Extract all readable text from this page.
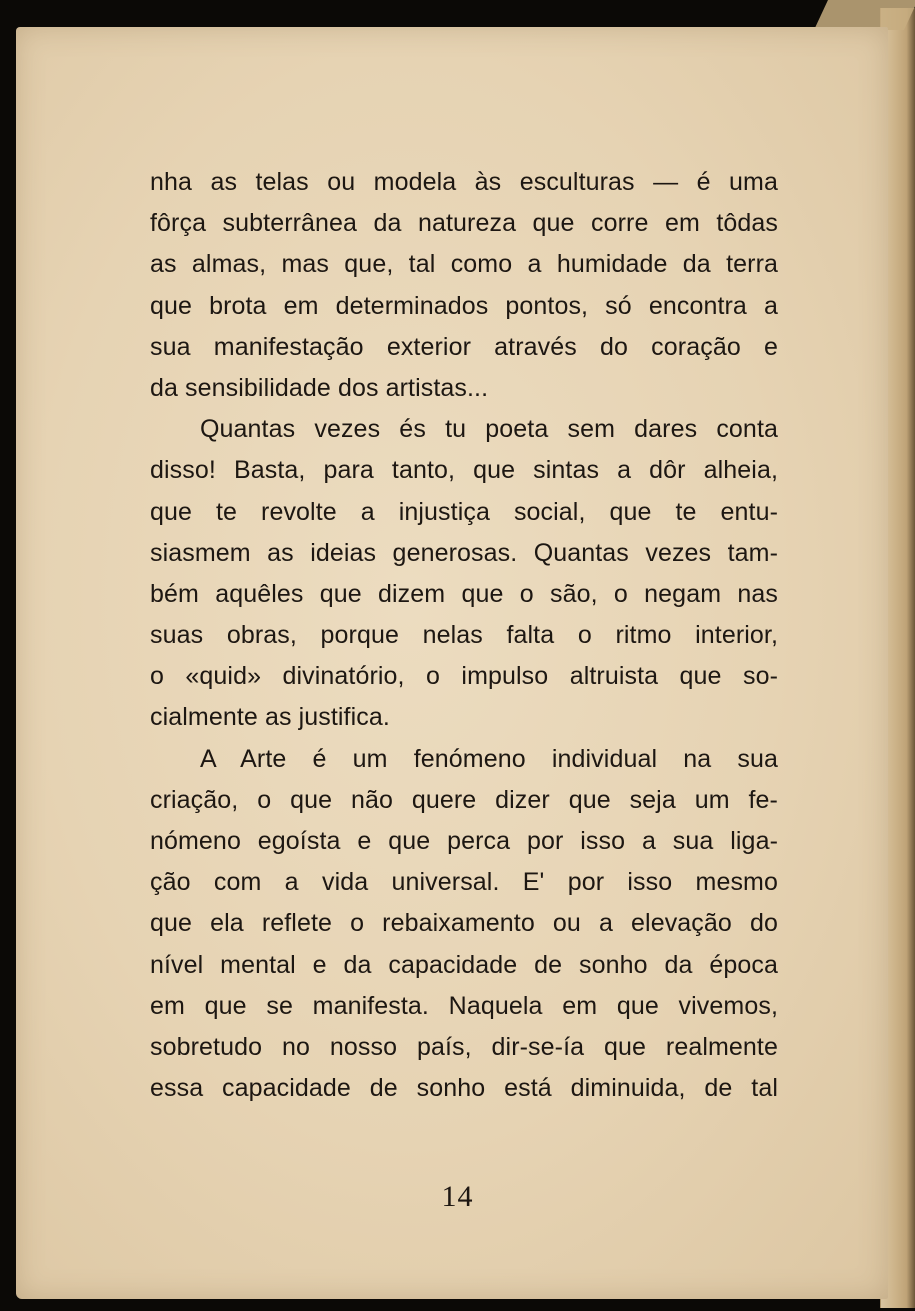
nha as telas ou modela às esculturas — é uma
fôrça subterrânea da natureza que corre em tôdas
as almas, mas que, tal como a humidade da terra
que brota em determinados pontos, só encontra a
sua manifestação exterior através do coração e
da sensibilidade dos artistas...
Quantas vezes és tu poeta sem dares conta
disso! Basta, para tanto, que sintas a dôr alheia,
que te revolte a injustiça social, que te entu-
siasmem as ideias generosas. Quantas vezes tam-
bém aquêles que dizem que o são, o negam nas
suas obras, porque nelas falta o ritmo interior,
o «quid» divinatório, o impulso altruista que so-
cialmente as justifica.
A Arte é um fenómeno individual na sua
criação, o que não quere dizer que seja um fe-
nómeno egoísta e que perca por isso a sua liga-
ção com a vida universal. E' por isso mesmo
que ela reflete o rebaixamento ou a elevação do
nível mental e da capacidade de sonho da época
em que se manifesta. Naquela em que vivemos,
sobretudo no nosso país, dir-se-ía que realmente
essa capacidade de sonho está diminuida, de tal
14
